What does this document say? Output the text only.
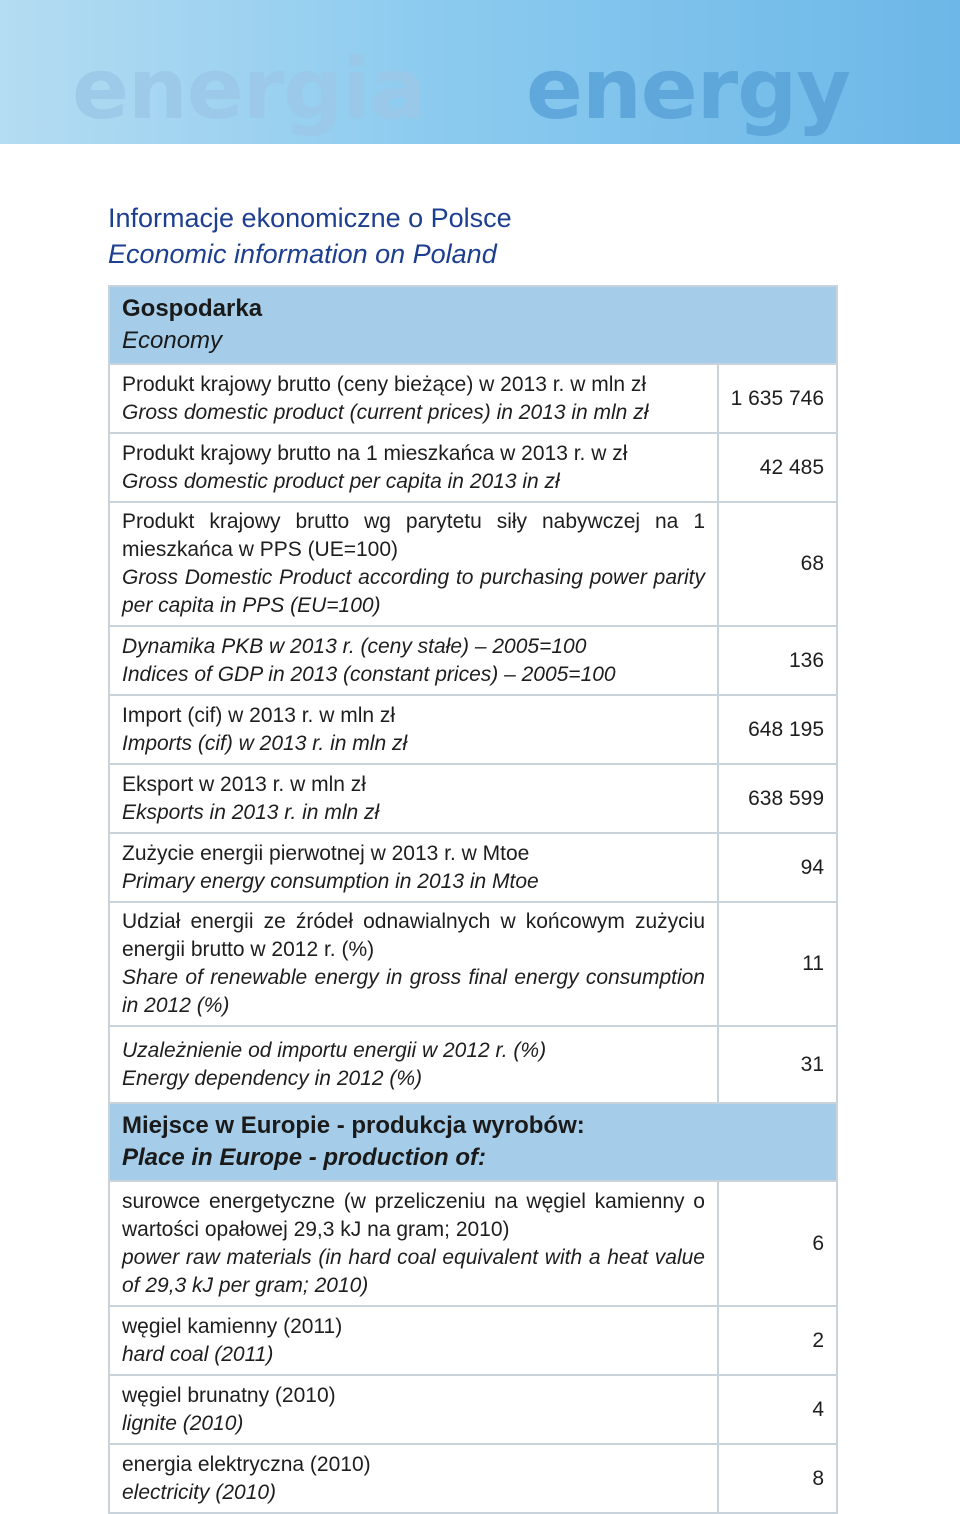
energia energy
Informacje ekonomiczne o Polsce
Economic information on Poland
Gospodarka
Economy	

Produkt krajowy brutto (ceny bieżące) w 2013 r. w mln zł
Gross domestic product (current prices) in 2013 in mln zł	1 635 746

Produkt krajowy brutto na 1 mieszkańca w 2013 r. w zł
Gross domestic product per capita in 2013 in zł	42 485

Produkt krajowy brutto wg parytetu siły nabywczej na 1 mieszkańca w PPS (UE=100)
Gross Domestic Product according to purchasing power parity per capita in PPS (EU=100)	68

Dynamika PKB w 2013 r. (ceny stałe) – 2005=100
Indices of GDP in 2013 (constant prices) – 2005=100	136

Import (cif) w 2013 r. w mln zł
Imports (cif) w 2013 r. in mln zł	648 195

Eksport w 2013 r. w mln zł
Eksports in 2013 r. in mln zł	638 599

Zużycie energii pierwotnej w 2013 r. w Mtoe
Primary energy consumption in 2013 in Mtoe	94

Udział energii ze źródeł odnawialnych w końcowym zużyciu energii brutto w 2012 r. (%)
Share of renewable energy in gross final energy consumption in 2012 (%)	11

Uzależnienie od importu energii w 2012 r. (%)
Energy dependency in 2012 (%)	31

Miejsce w Europie - produkcja wyrobów:
Place in Europe - production of:	

surowce energetyczne (w przeliczeniu na węgiel kamienny o wartości opałowej 29,3 kJ na gram; 2010)
power raw materials (in hard coal equivalent with a heat value of 29,3 kJ per gram; 2010)	6

węgiel kamienny (2011)
hard coal (2011)	2

węgiel brunatny (2010)
lignite (2010)	4

energia elektryczna (2010)
electricity (2010)	8
